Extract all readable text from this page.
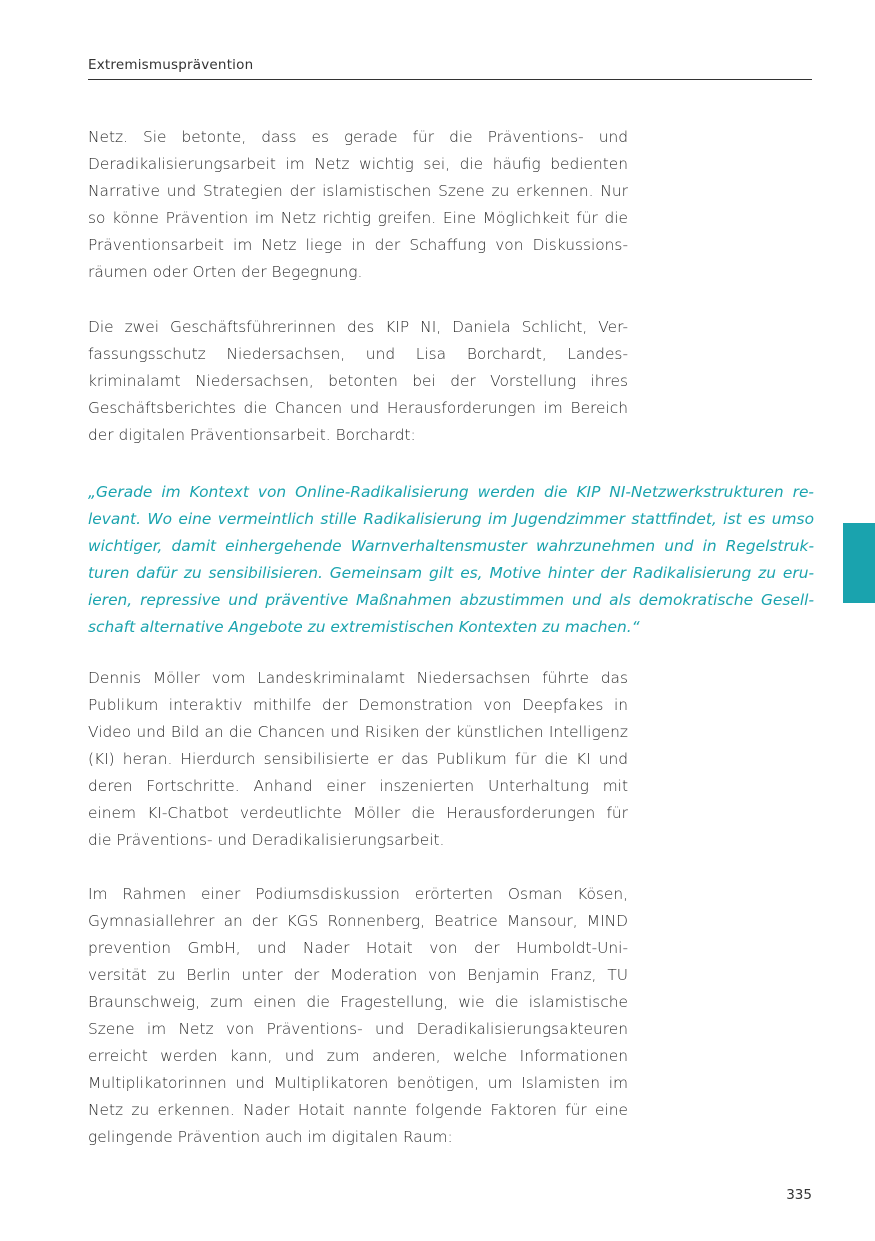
Extremismusprävention

Netz. Sie betonte, dass es gerade für die Präventions- und
Deradikalisierungsarbeit im Netz wichtig sei, die häufig bedienten
Narrative und Strategien der islamistischen Szene zu erkennen. Nur
so könne Prävention im Netz richtig greifen. Eine Möglichkeit für die
Präventionsarbeit im Netz liege in der Schaffung von Diskussions-
räumen oder Orten der Begegnung.

Die zwei Geschäftsführerinnen des KIP NI, Daniela Schlicht, Ver-
fassungsschutz Niedersachsen, und Lisa Borchardt, Landes-
kriminalamt Niedersachsen, betonten bei der Vorstellung ihres
Geschäftsberichtes die Chancen und Herausforderungen im Bereich
der digitalen Präventionsarbeit. Borchardt:

„Gerade im Kontext von Online-Radikalisierung werden die KIP NI-Netzwerkstrukturen re-
levant. Wo eine vermeintlich stille Radikalisierung im Jugendzimmer stattfindet, ist es umso
wichtiger, damit einhergehende Warnverhaltensmuster wahrzunehmen und in Regelstruk-
turen dafür zu sensibilisieren. Gemeinsam gilt es, Motive hinter der Radikalisierung zu eru-
ieren, repressive und präventive Maßnahmen abzustimmen und als demokratische Gesell-
schaft alternative Angebote zu extremistischen Kontexten zu machen.“

Dennis Möller vom Landeskriminalamt Niedersachsen führte das
Publikum interaktiv mithilfe der Demonstration von Deepfakes in
Video und Bild an die Chancen und Risiken der künstlichen Intelligenz
(KI) heran. Hierdurch sensibilisierte er das Publikum für die KI und
deren Fortschritte. Anhand einer inszenierten Unterhaltung mit
einem KI-Chatbot verdeutlichte Möller die Herausforderungen für
die Präventions- und Deradikalisierungsarbeit.

Im Rahmen einer Podiumsdiskussion erörterten Osman Kösen,
Gymnasiallehrer an der KGS Ronnenberg, Beatrice Mansour, MIND
prevention GmbH, und Nader Hotait von der Humboldt-Uni-
versität zu Berlin unter der Moderation von Benjamin Franz, TU
Braunschweig, zum einen die Fragestellung, wie die islamistische
Szene im Netz von Präventions- und Deradikalisierungsakteuren
erreicht werden kann, und zum anderen, welche Informationen
Multiplikatorinnen und Multiplikatoren benötigen, um Islamisten im
Netz zu erkennen. Nader Hotait nannte folgende Faktoren für eine
gelingende Prävention auch im digitalen Raum:

335
